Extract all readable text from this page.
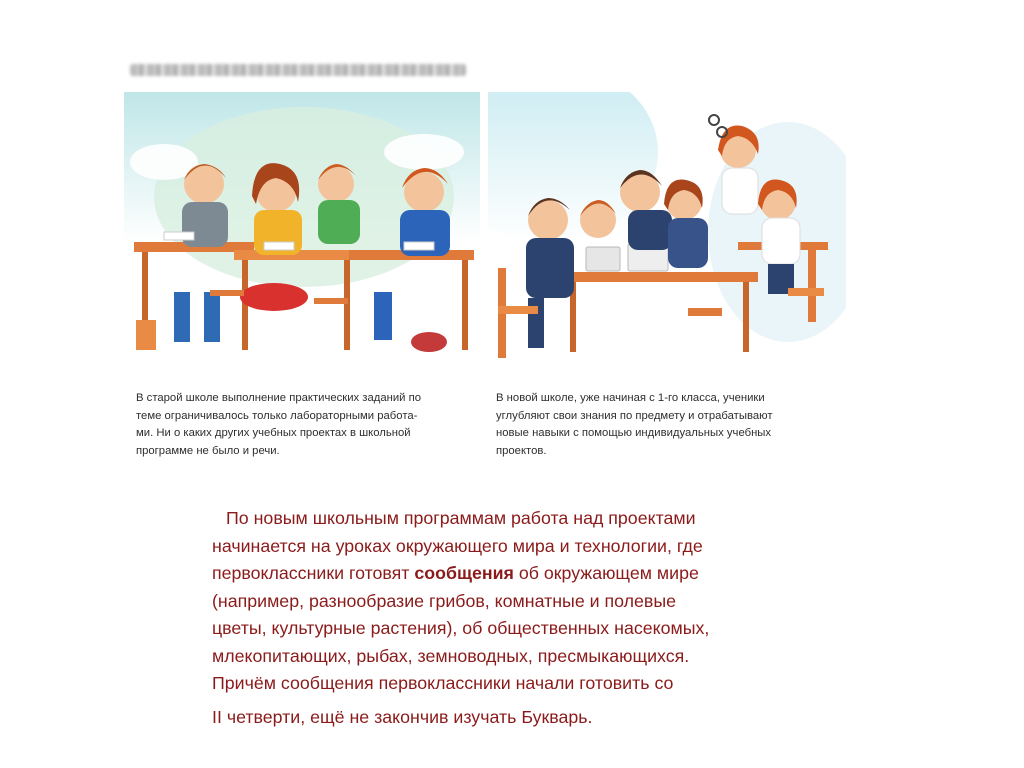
В старой школе выполнение практических заданий по
теме ограничивалось только лабораторными работа-
ми. Ни о каких других учебных проектах в школьной
программе не было и речи.
В новой школе, уже начиная с 1-го класса, ученики
углубляют свои знания по предмету и отрабатывают
новые навыки с помощью индивидуальных учебных
проектов.
По новым школьным программам работа над проектами
начинается на уроках окружающего мира и технологии, где
первоклассники готовят сообщения об окружающем мире
(например, разнообразие грибов, комнатные и полевые
цветы, культурные растения), об общественных насекомых,
млекопитающих, рыбах, земноводных, пресмыкающихся.
Причём сообщения первоклассники начали готовить со
II четверти, ещё не закончив изучать Букварь.
